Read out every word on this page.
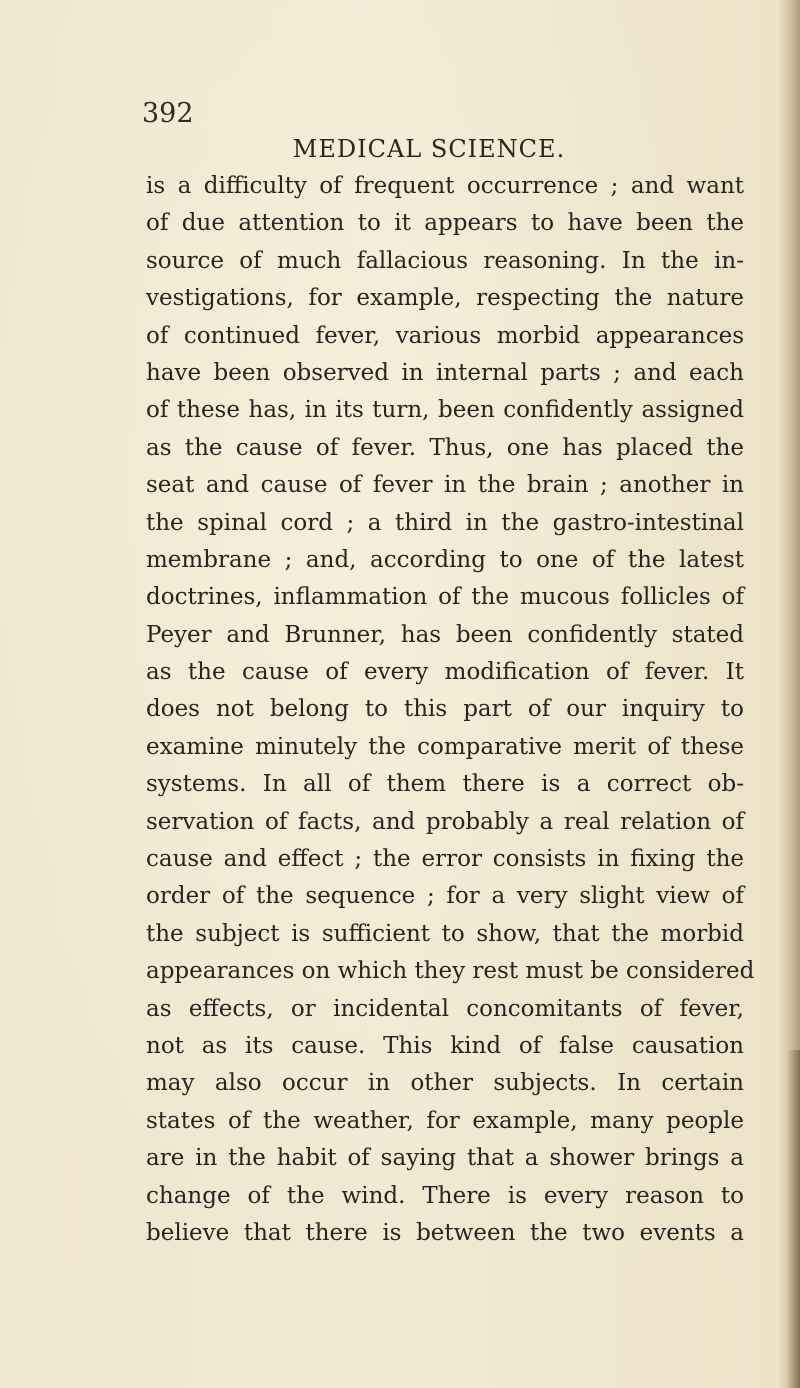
392
MEDICAL SCIENCE.
is a difficulty of frequent occurrence ; and want
of due attention to it appears to have been the
source of much fallacious reasoning. In the in-
vestigations, for example, respecting the nature
of continued fever, various morbid appearances
have been observed in internal parts ; and each
of these has, in its turn, been confidently assigned
as the cause of fever. Thus, one has placed the
seat and cause of fever in the brain ; another in
the spinal cord ; a third in the gastro-intestinal
membrane ; and, according to one of the latest
doctrines, inflammation of the mucous follicles of
Peyer and Brunner, has been confidently stated
as the cause of every modification of fever. It
does not belong to this part of our inquiry to
examine minutely the comparative merit of these
systems. In all of them there is a correct ob-
servation of facts, and probably a real relation of
cause and effect ; the error consists in fixing the
order of the sequence ; for a very slight view of
the subject is sufficient to show, that the morbid
appearances on which they rest must be considered
as effects, or incidental concomitants of fever,
not as its cause. This kind of false causation
may also occur in other subjects. In certain
states of the weather, for example, many people
are in the habit of saying that a shower brings a
change of the wind. There is every reason to
believe that there is between the two events a
